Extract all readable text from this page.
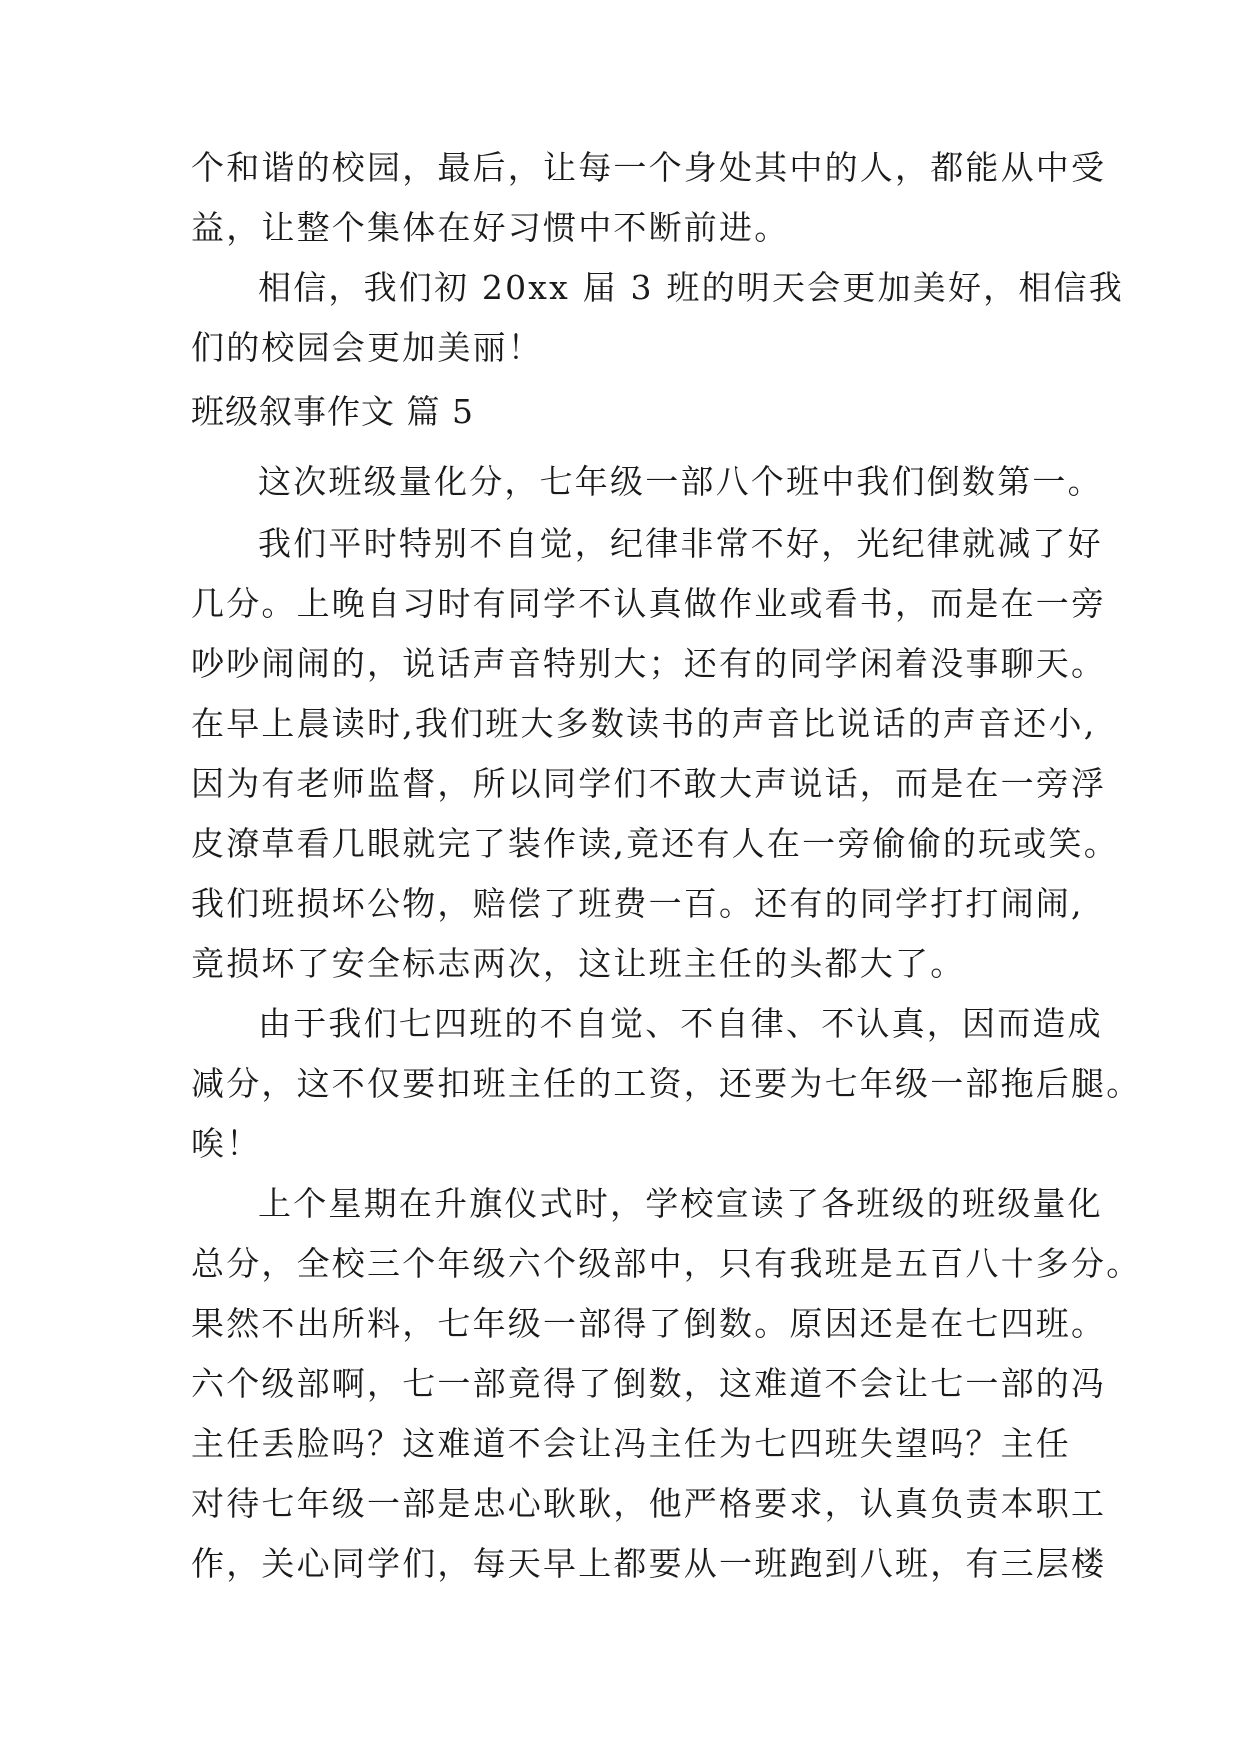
个和谐的校园，最后，让每一个身处其中的人，都能从中受
益，让整个集体在好习惯中不断前进。
相信，我们初 20xx 届 3 班的明天会更加美好，相信我
们的校园会更加美丽！
班级叙事作文 篇 5
这次班级量化分，七年级一部八个班中我们倒数第一。
我们平时特别不自觉，纪律非常不好，光纪律就减了好
几分。上晚自习时有同学不认真做作业或看书，而是在一旁
吵吵闹闹的，说话声音特别大；还有的同学闲着没事聊天。
在早上晨读时,我们班大多数读书的声音比说话的声音还小,
因为有老师监督，所以同学们不敢大声说话，而是在一旁浮
皮潦草看几眼就完了装作读,竟还有人在一旁偷偷的玩或笑。
我们班损坏公物，赔偿了班费一百。还有的同学打打闹闹,
竟损坏了安全标志两次，这让班主任的头都大了。
由于我们七四班的不自觉、不自律、不认真，因而造成
减分，这不仅要扣班主任的工资，还要为七年级一部拖后腿。
唉！
上个星期在升旗仪式时，学校宣读了各班级的班级量化
总分，全校三个年级六个级部中，只有我班是五百八十多分。
果然不出所料，七年级一部得了倒数。原因还是在七四班。
六个级部啊，七一部竟得了倒数，这难道不会让七一部的冯
主任丢脸吗？这难道不会让冯主任为七四班失望吗？主任
对待七年级一部是忠心耿耿，他严格要求，认真负责本职工
作，关心同学们，每天早上都要从一班跑到八班，有三层楼
